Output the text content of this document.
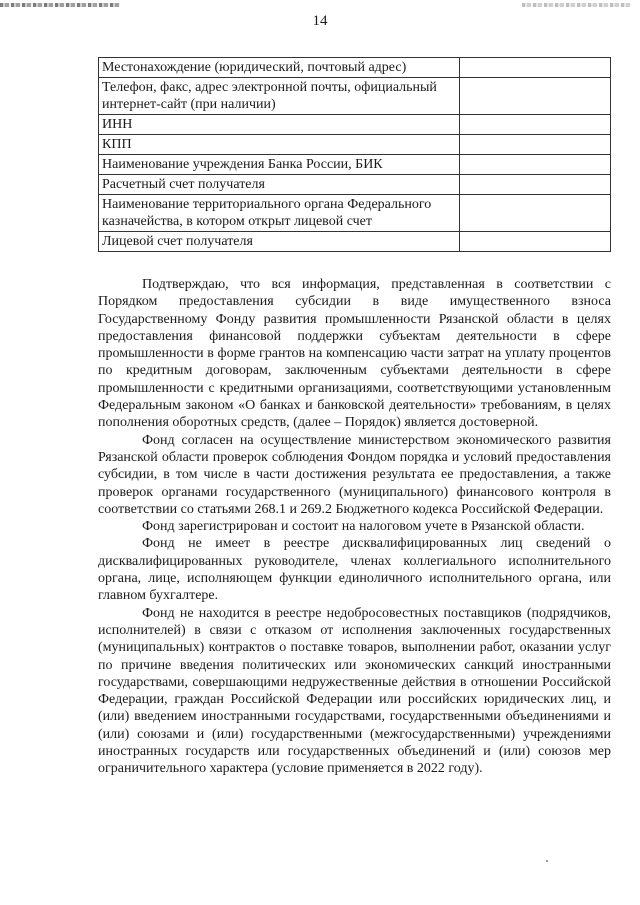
14
Местонахождение (юридический, почтовый адрес)	
Телефон, факс, адрес электронной почты, официальный интернет-сайт (при наличии)	
ИНН	
КПП	
Наименование учреждения Банка России, БИК	
Расчетный счет получателя	
Наименование территориального органа Федерального казначейства, в котором открыт лицевой счет	
Лицевой счет получателя	

Подтверждаю, что вся информация, представленная в соответствии с Порядком предоставления субсидии в виде имущественного взноса Государственному Фонду развития промышленности Рязанской области в целях предоставления финансовой поддержки субъектам деятельности в сфере промышленности в форме грантов на компенсацию части затрат на уплату процентов по кредитным договорам, заключенным субъектами деятельности в сфере промышленности с кредитными организациями, соответствующими установленным Федеральным законом «О банках и банковской деятельности» требованиям, в целях пополнения оборотных средств, (далее – Порядок) является достоверной.

Фонд согласен на осуществление министерством экономического развития Рязанской области проверок соблюдения Фондом порядка и условий предоставления субсидии, в том числе в части достижения результата ее предоставления, а также проверок органами государственного (муниципального) финансового контроля в соответствии со статьями 268.1 и 269.2 Бюджетного кодекса Российской Федерации.

Фонд зарегистрирован и состоит на налоговом учете в Рязанской области.

Фонд не имеет в реестре дисквалифицированных лиц сведений о дисквалифицированных руководителе, членах коллегиального исполнительного органа, лице, исполняющем функции единоличного исполнительного органа, или главном бухгалтере.

Фонд не находится в реестре недобросовестных поставщиков (подрядчиков, исполнителей) в связи с отказом от исполнения заключенных государственных (муниципальных) контрактов о поставке товаров, выполнении работ, оказании услуг по причине введения политических или экономических санкций иностранными государствами, совершающими недружественные действия в отношении Российской Федерации, граждан Российской Федерации или российских юридических лиц, и (или) введением иностранными государствами, государственными объединениями и (или) союзами и (или) государственными (межгосударственными) учреждениями иностранных государств или государственных объединений и (или) союзов мер ограничительного характера (условие применяется в 2022 году).
